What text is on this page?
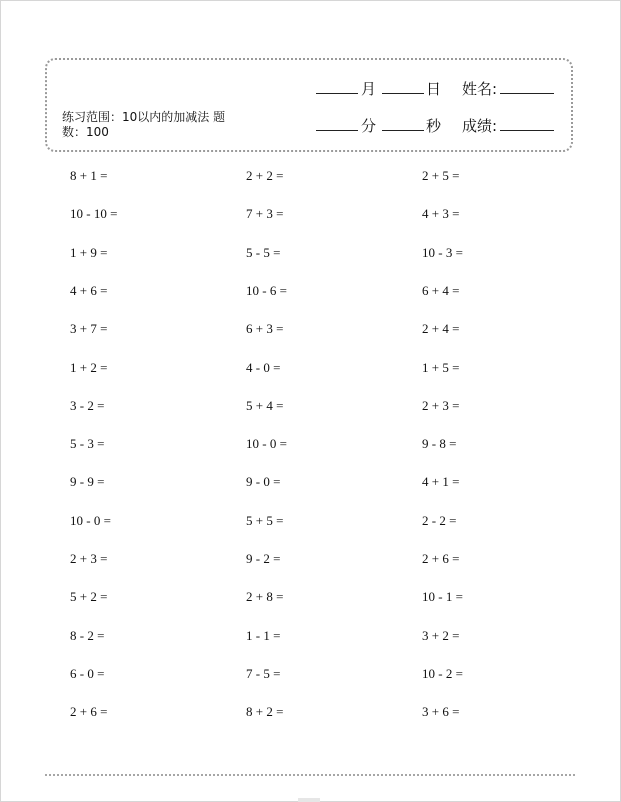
练习范围：10以内的加减法 题数：100
月	日 姓名:
分	秒 成绩:
8 + 1 =	2 + 2 =	2 + 5 =
10 - 10 =	7 + 3 =	4 + 3 =
1 + 9 =	5 - 5 =	10 - 3 =
4 + 6 =	10 - 6 =	6 + 4 =
3 + 7 =	6 + 3 =	2 + 4 =
1 + 2 =	4 - 0 =	1 + 5 =
3 - 2 =	5 + 4 =	2 + 3 =
5 - 3 =	10 - 0 =	9 - 8 =
9 - 9 =	9 - 0 =	4 + 1 =
10 - 0 =	5 + 5 =	2 - 2 =
2 + 3 =	9 - 2 =	2 + 6 =
5 + 2 =	2 + 8 =	10 - 1 =
8 - 2 =	1 - 1 =	3 + 2 =
6 - 0 =	7 - 5 =	10 - 2 =
2 + 6 =	8 + 2 =	3 + 6 =
